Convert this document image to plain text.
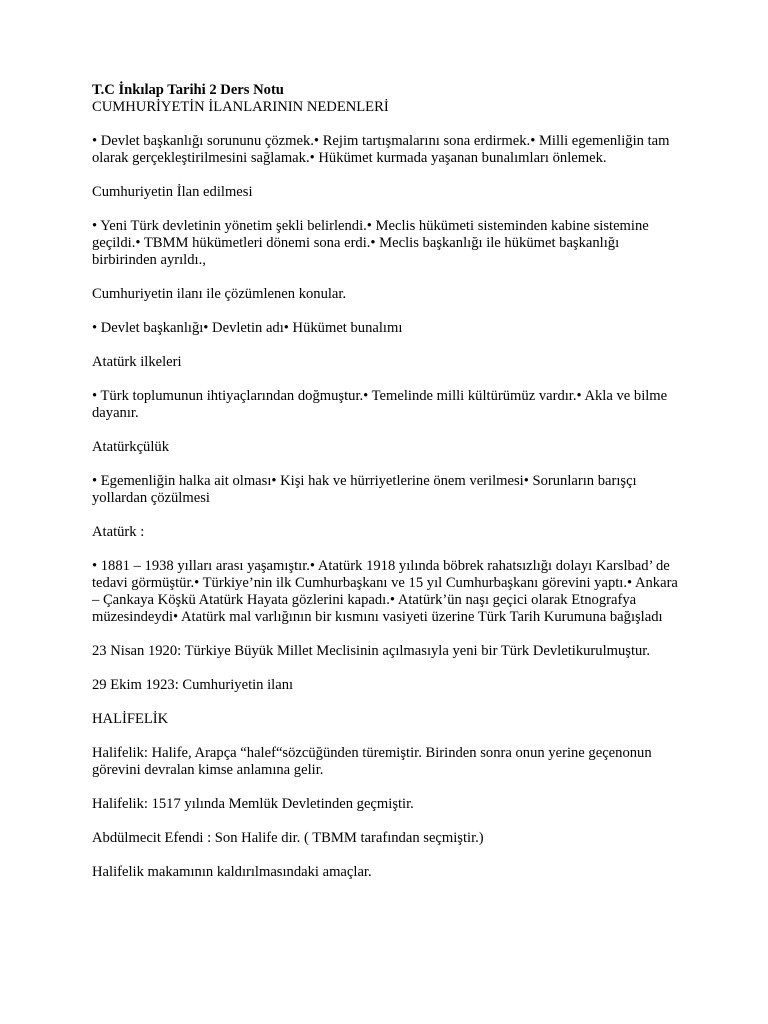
T.C İnkılap Tarihi 2 Ders Notu

CUMHURİYETİN İLANLARININ NEDENLERİ

• Devlet başkanlığı sorununu çözmek.• Rejim tartışmalarını sona erdirmek.• Milli egemenliğin tam olarak gerçekleştirilmesini sağlamak.• Hükümet kurmada yaşanan bunalımları önlemek.

Cumhuriyetin İlan edilmesi

• Yeni Türk devletinin yönetim şekli belirlendi.• Meclis hükümeti sisteminden kabine sistemine geçildi.• TBMM hükümetleri dönemi sona erdi.• Meclis başkanlığı ile hükümet başkanlığı birbirinden ayrıldı.,

Cumhuriyetin ilanı ile çözümlenen konular.

• Devlet başkanlığı• Devletin adı• Hükümet bunalımı

Atatürk ilkeleri

• Türk toplumunun ihtiyaçlarından doğmuştur.• Temelinde milli kültürümüz vardır.• Akla ve bilme dayanır.

Atatürkçülük

• Egemenliğin halka ait olması• Kişi hak ve hürriyetlerine önem verilmesi• Sorunların barışçı yollardan çözülmesi

Atatürk :

• 1881 – 1938 yılları arası yaşamıştır.• Atatürk 1918 yılında böbrek rahatsızlığı dolayı Karslbad’ de tedavi görmüştür.• Türkiye’nin ilk Cumhurbaşkanı ve 15 yıl Cumhurbaşkanı görevini yaptı.• Ankara – Çankaya Köşkü Atatürk Hayata gözlerini kapadı.• Atatürk’ün naşı geçici olarak Etnografya müzesindeydi• Atatürk mal varlığının bir kısmını vasiyeti üzerine Türk Tarih Kurumuna bağışladı

23 Nisan 1920: Türkiye Büyük Millet Meclisinin açılmasıyla yeni bir Türk Devletikurulmuştur.

29 Ekim 1923: Cumhuriyetin ilanı

HALİFELİK

Halifelik: Halife, Arapça “halef“sözcüğünden türemiştir. Birinden sonra onun yerine geçenonun görevini devralan kimse anlamına gelir.

Halifelik: 1517 yılında Memlük Devletinden geçmiştir.

Abdülmecit Efendi : Son Halife dir. ( TBMM tarafından seçmiştir.)

Halifelik makamının kaldırılmasındaki amaçlar.
